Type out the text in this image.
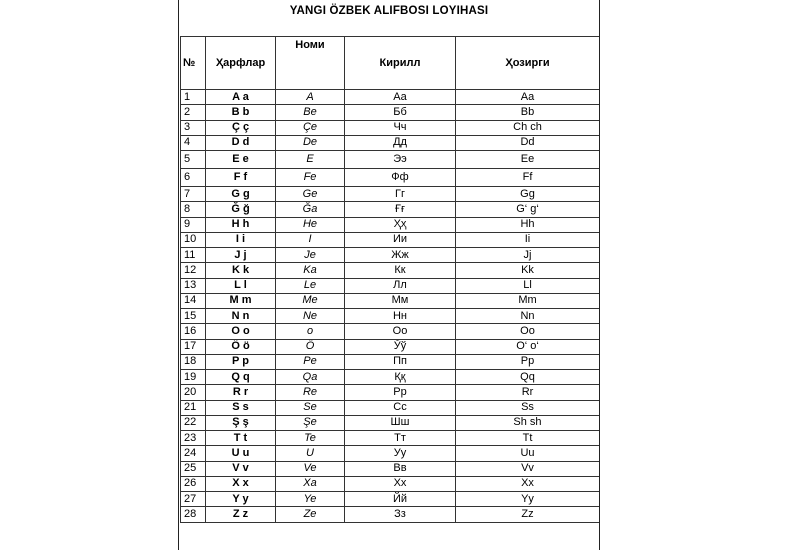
YANGI ÖZBEK ALIFBOSI LOYIHASI
№	Ҳарфлар	Номи	Кирилл	Ҳозирги
1	A a	A	Aa	Aa
2	B b	Be	Бб	Bb
3	Ç ç	Çe	Чч	Ch ch
4	D d	De	Дд	Dd
5	E e	E	Ээ	Ee
6	F f	Fe	Фф	Ff
7	G g	Ge	Гг	Gg
8	Ğ ğ	Ğa	Ғғ	G‘ g‘
9	H h	He	Ҳҳ	Hh
10	I i	I	Ии	Ii
11	J j	Je	Жж	Jj
12	K k	Ka	Кк	Kk
13	L l	Le	Лл	Ll
14	M m	Me	Мм	Mm
15	N n	Ne	Нн	Nn
16	O o	o	Оо	Oo
17	Ö ö	Ö	Ўў	O‘ o‘
18	P p	Pe	Пп	Pp
19	Q q	Qa	Ққ	Qq
20	R r	Re	Рр	Rr
21	S s	Se	Сс	Ss
22	Ş ş	Şe	Шш	Sh sh
23	T t	Te	Тт	Tt
24	U u	U	Уу	Uu
25	V v	Ve	Вв	Vv
26	X x	Xa	Хх	Xx
27	Y y	Ye	Йй	Yy
28	Z z	Ze	Зз	Zz
